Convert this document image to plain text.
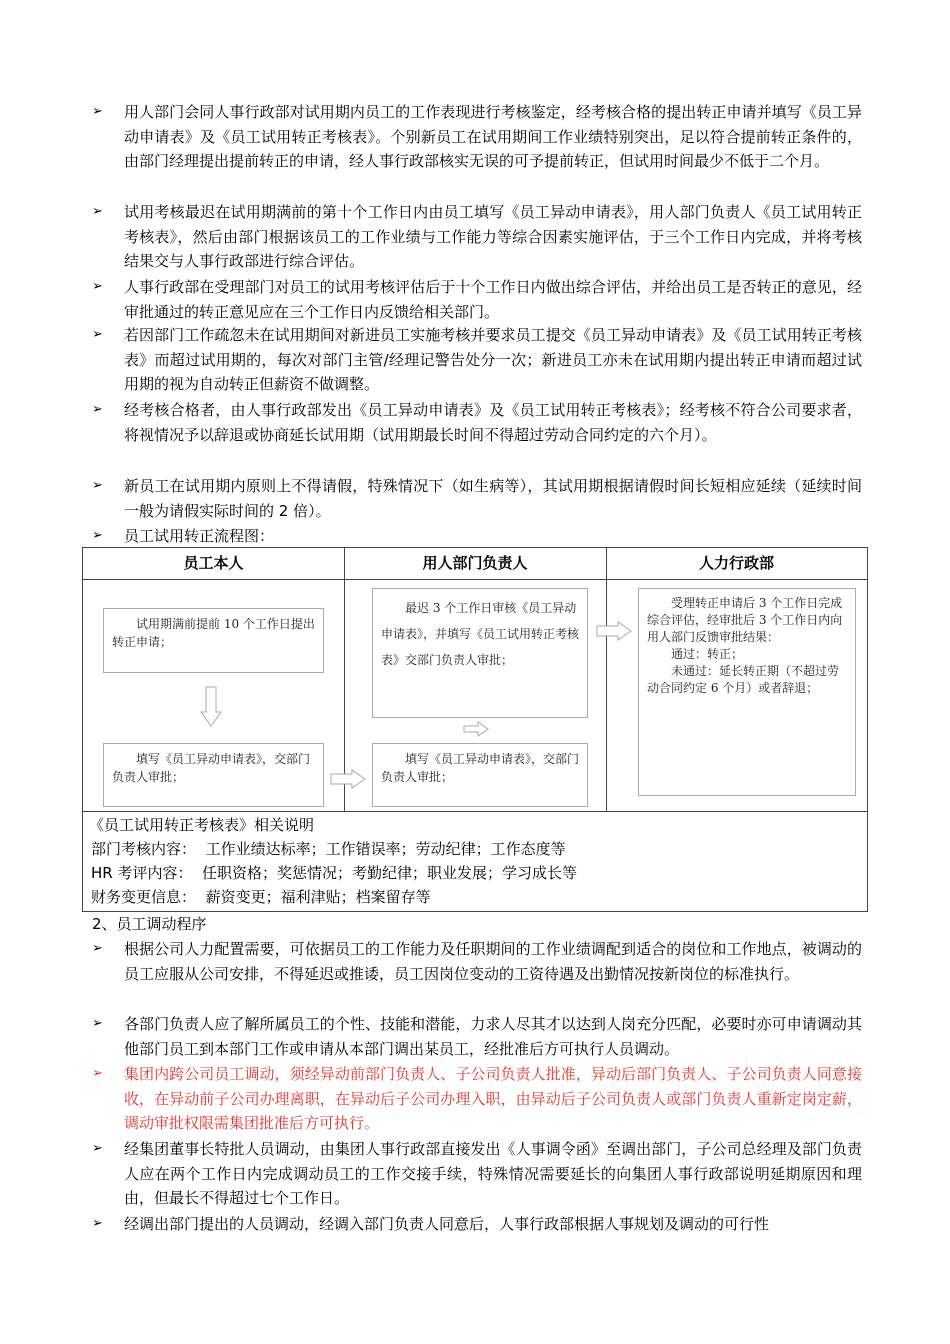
➢ 用人部门会同人事行政部对试用期内员工的工作表现进行考核鉴定，经考核合格的提出转正申请并填写《员工异动申请表》及《员工试用转正考核表》。个别新员工在试用期间工作业绩特别突出，足以符合提前转正条件的，由部门经理提出提前转正的申请，经人事行政部核实无误的可予提前转正，但试用时间最少不低于二个月。
➢ 试用考核最迟在试用期满前的第十个工作日内由员工填写《员工异动申请表》，用人部门负责人《员工试用转正考核表》，然后由部门根据该员工的工作业绩与工作能力等综合因素实施评估，于三个工作日内完成，并将考核结果交与人事行政部进行综合评估。
➢ 人事行政部在受理部门对员工的试用考核评估后于十个工作日内做出综合评估，并给出员工是否转正的意见，经审批通过的转正意见应在三个工作日内反馈给相关部门。
➢ 若因部门工作疏忽未在试用期间对新进员工实施考核并要求员工提交《员工异动申请表》及《员工试用转正考核表》而超过试用期的，每次对部门主管/经理记警告处分一次；新进员工亦未在试用期内提出转正申请而超过试用期的视为自动转正但薪资不做调整。
➢ 经考核合格者，由人事行政部发出《员工异动申请表》及《员工试用转正考核表》；经考核不符合公司要求者，将视情况予以辞退或协商延长试用期（试用期最长时间不得超过劳动合同约定的六个月）。
➢ 新员工在试用期内原则上不得请假，特殊情况下（如生病等），其试用期根据请假时间长短相应延续（延续时间一般为请假实际时间的 2 倍）。
➢ 员工试用转正流程图：
员工本人	用人部门负责人	人力行政部
试用期满前提前 10 个工作日提出转正申请；
填写《员工异动申请表》，交部门负责人审批；
最迟 3 个工作日审核《员工异动申请表》，并填写《员工试用转正考核表》交部门负责人审批；
填写《员工异动申请表》，交部门负责人审批；
受理转正申请后 3 个工作日完成综合评估，经审批后 3 个工作日内向用人部门反馈审批结果：
通过：转正；
未通过：延长转正期（不超过劳动合同约定 6 个月）或者辞退；
《员工试用转正考核表》相关说明
部门考核内容： 工作业绩达标率；工作错误率；劳动纪律；工作态度等
HR 考评内容： 任职资格；奖惩情况；考勤纪律；职业发展；学习成长等
财务变更信息： 薪资变更；福利津贴；档案留存等
2、员工调动程序
➢ 根据公司人力配置需要，可依据员工的工作能力及任职期间的工作业绩调配到适合的岗位和工作地点，被调动的员工应服从公司安排，不得延迟或推诿，员工因岗位变动的工资待遇及出勤情况按新岗位的标准执行。
➢ 各部门负责人应了解所属员工的个性、技能和潜能，力求人尽其才以达到人岗充分匹配，必要时亦可申请调动其他部门员工到本部门工作或申请从本部门调出某员工，经批准后方可执行人员调动。
➢ 集团内跨公司员工调动，须经异动前部门负责人、子公司负责人批准，异动后部门负责人、子公司负责人同意接收，在异动前子公司办理离职，在异动后子公司办理入职，由异动后子公司负责人或部门负责人重新定岗定薪，调动审批权限需集团批准后方可执行。
➢ 经集团董事长特批人员调动，由集团人事行政部直接发出《人事调令函》至调出部门，子公司总经理及部门负责人应在两个工作日内完成调动员工的工作交接手续，特殊情况需要延长的向集团人事行政部说明延期原因和理由，但最长不得超过七个工作日。
➢ 经调出部门提出的人员调动，经调入部门负责人同意后，人事行政部根据人事规划及调动的可行性
